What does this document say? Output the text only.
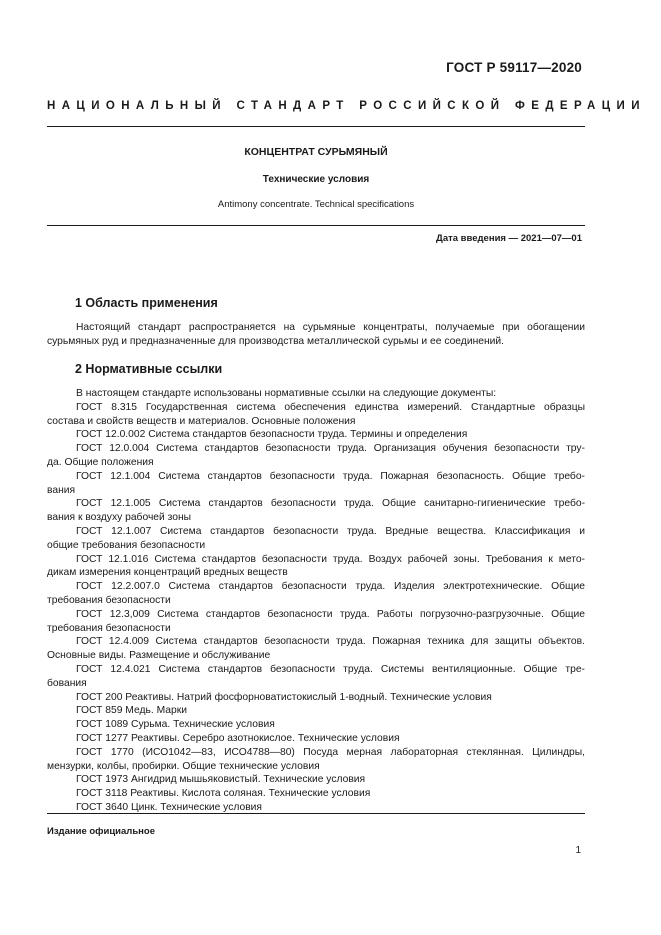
ГОСТ Р 59117—2020
НАЦИОНАЛЬНЫЙ СТАНДАРТ РОССИЙСКОЙ ФЕДЕРАЦИИ
КОНЦЕНТРАТ СУРЬМЯНЫЙ
Технические условия
Antimony concentrate. Technical specifications
Дата введения — 2021—07—01
1 Область применения
Настоящий стандарт распространяется на сурьмяные концентраты, получаемые при обогащении
сурьмяных руд и предназначенные для производства металлической сурьмы и ее соединений.
2 Нормативные ссылки
В настоящем стандарте использованы нормативные ссылки на следующие документы:
ГОСТ 8.315 Государственная система обеспечения единства измерений. Стандартные образцы
состава и свойств веществ и материалов. Основные положения
ГОСТ 12.0.002 Система стандартов безопасности труда. Термины и определения
ГОСТ 12.0.004 Система стандартов безопасности труда. Организация обучения безопасности тру-
да. Общие положения
ГОСТ 12.1.004 Система стандартов безопасности труда. Пожарная безопасность. Общие требо-
вания
ГОСТ 12.1.005 Система стандартов безопасности труда. Общие санитарно-гигиенические требо-
вания к воздуху рабочей зоны
ГОСТ 12.1.007 Система стандартов безопасности труда. Вредные вещества. Классификация и
общие требования безопасности
ГОСТ 12.1.016 Система стандартов безопасности труда. Воздух рабочей зоны. Требования к мето-
дикам измерения концентраций вредных веществ
ГОСТ 12.2.007.0 Система стандартов безопасности труда. Изделия электротехнические. Общие
требования безопасности
ГОСТ 12.3,009 Система стандартов безопасности труда. Работы погрузочно-разгрузочные. Общие
требования безопасности
ГОСТ 12.4.009 Система стандартов безопасности труда. Пожарная техника для защиты объектов.
Основные виды. Размещение и обслуживание
ГОСТ 12.4.021 Система стандартов безопасности труда. Системы вентиляционные. Общие тре-
бования
ГОСТ 200 Реактивы. Натрий фосфорноватистокислый 1-водный. Технические условия
ГОСТ 859 Медь. Марки
ГОСТ 1089 Сурьма. Технические условия
ГОСТ 1277 Реактивы. Серебро азотнокислое. Технические условия
ГОСТ 1770 (ИСО1042—83, ИСО4788—80) Посуда мерная лабораторная стеклянная. Цилиндры,
мензурки, колбы, пробирки. Общие технические условия
ГОСТ 1973 Ангидрид мышьяковистый. Технические условия
ГОСТ 3118 Реактивы. Кислота соляная. Технические условия
ГОСТ 3640 Цинк. Технические условия
Издание официальное
1
